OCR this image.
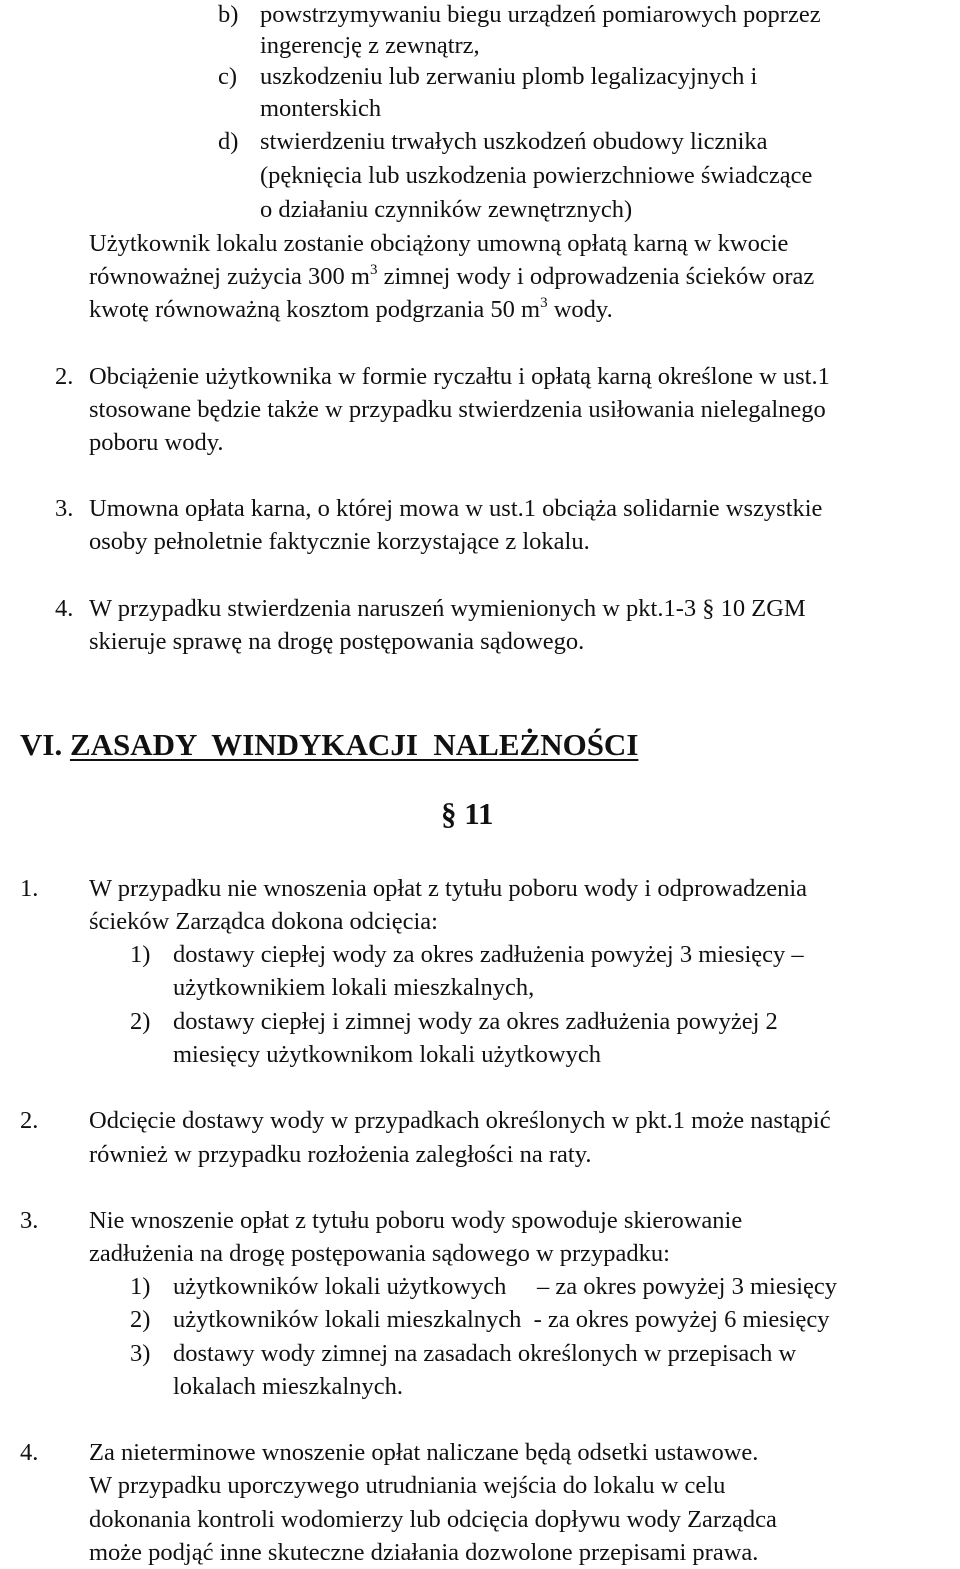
b) powstrzymywaniu biegu urządzeń pomiarowych poprzez
ingerencję z zewnątrz,
c) uszkodzeniu lub zerwaniu plomb legalizacyjnych i
monterskich
d) stwierdzeniu trwałych uszkodzeń obudowy licznika
(pęknięcia lub uszkodzenia powierzchniowe świadczące
o działaniu czynników zewnętrznych)
Użytkownik lokalu zostanie obciążony umowną opłatą karną w kwocie
równoważnej zużycia 300 $m^3$ zimnej wody i odprowadzenia ścieków oraz
kwotę równoważną kosztom podgrzania 50 $m^3$ wody.
2. Obciążenie użytkownika w formie ryczałtu i opłatą karną określone w ust.1
stosowane będzie także w przypadku stwierdzenia usiłowania nielegalnego
poboru wody.
3. Umowna opłata karna, o której mowa w ust.1 obciąża solidarnie wszystkie
osoby pełnoletnie faktycznie korzystające z lokalu.
4. W przypadku stwierdzenia naruszeń wymienionych w pkt.1-3 § 10 ZGM
skieruje sprawę na drogę postępowania sądowego.
VI. ZASADY  WINDYKACJI  NALEŻNOŚCI
§ 11
1. W przypadku nie wnoszenia opłat z tytułu poboru wody i odprowadzenia
ścieków Zarządca dokona odcięcia:
1) dostawy ciepłej wody za okres zadłużenia powyżej 3 miesięcy –
użytkownikiem lokali mieszkalnych,
2) dostawy ciepłej i zimnej wody za okres zadłużenia powyżej 2
miesięcy użytkownikom lokali użytkowych
2. Odcięcie dostawy wody w przypadkach określonych w pkt.1 może nastąpić
również w przypadku rozłożenia zaległości na raty.
3. Nie wnoszenie opłat z tytułu poboru wody spowoduje skierowanie
zadłużenia na drogę postępowania sądowego w przypadku:
1) użytkowników lokali użytkowych     – za okres powyżej 3 miesięcy
2) użytkowników lokali mieszkalnych  - za okres powyżej 6 miesięcy
3) dostawy wody zimnej na zasadach określonych w przepisach w
lokalach mieszkalnych.
4. Za nieterminowe wnoszenie opłat naliczane będą odsetki ustawowe.
W przypadku uporczywego utrudniania wejścia do lokalu w celu
dokonania kontroli wodomierzy lub odcięcia dopływu wody Zarządca
może podjąć inne skuteczne działania dozwolone przepisami prawa.
